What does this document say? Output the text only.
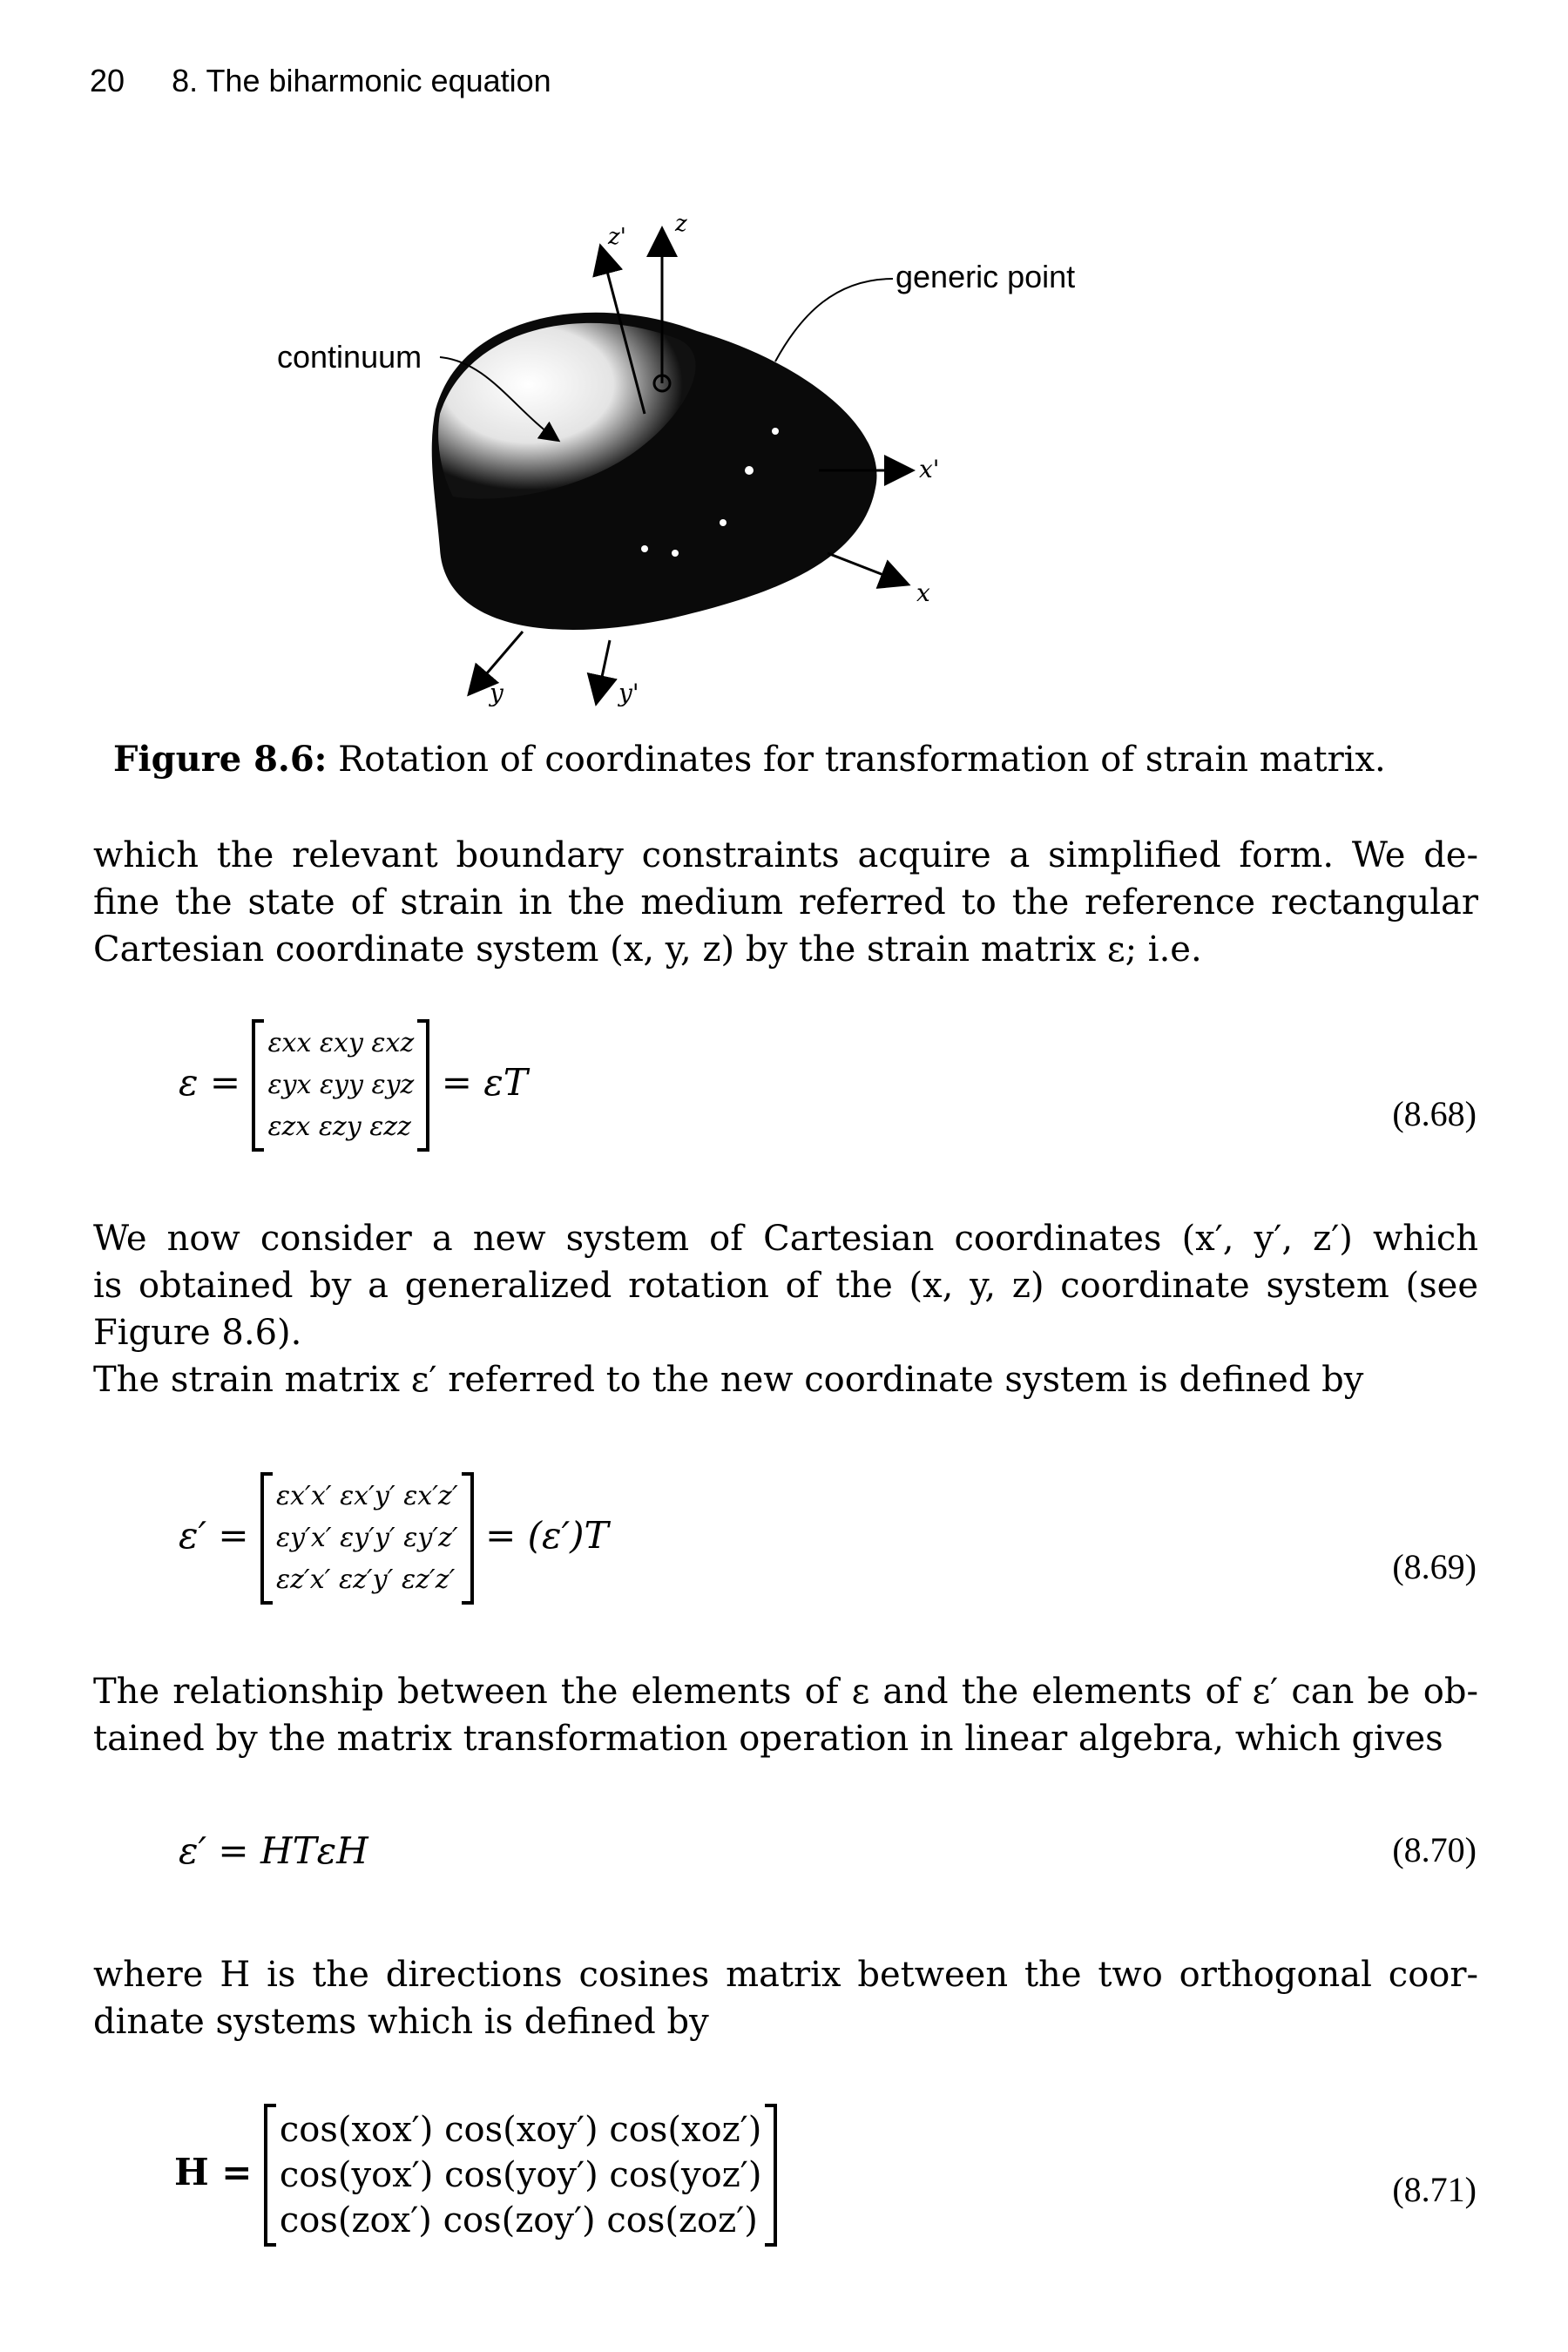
20 8. The biharmonic equation
continuum
generic point
z' z
x'
x
y	y'
Figure 8.6: Rotation of coordinates for transformation of strain matrix.
which the relevant boundary constraints acquire a simplified form. We de-
fine the state of strain in the medium referred to the reference rectangular
Cartesian coordinate system (x, y, z) by the strain matrix ε; i.e.
ε =
εxx εxy εxz
εyx εyy εyz
εzx εzy εzz
= εT
(8.68)
We now consider a new system of Cartesian coordinates (x′, y′, z′) which
is obtained by a generalized rotation of the (x, y, z) coordinate system (see
Figure 8.6).
The strain matrix ε′ referred to the new coordinate system is defined by
ε′ =
εx′x′ εx′y′ εx′z′
εy′x′ εy′y′ εy′z′
εz′x′ εz′y′ εz′z′
= (ε′)T
(8.69)
The relationship between the elements of ε and the elements of ε′ can be ob-
tained by the matrix transformation operation in linear algebra, which gives
ε′ = HTεH	(8.70)
where H is the directions cosines matrix between the two orthogonal coor-
dinate systems which is defined by
H =
cos(xox′) cos(xoy′) cos(xoz′)
cos(yox′) cos(yoy′) cos(yoz′)
cos(zox′) cos(zoy′) cos(zoz′)
(8.71)
